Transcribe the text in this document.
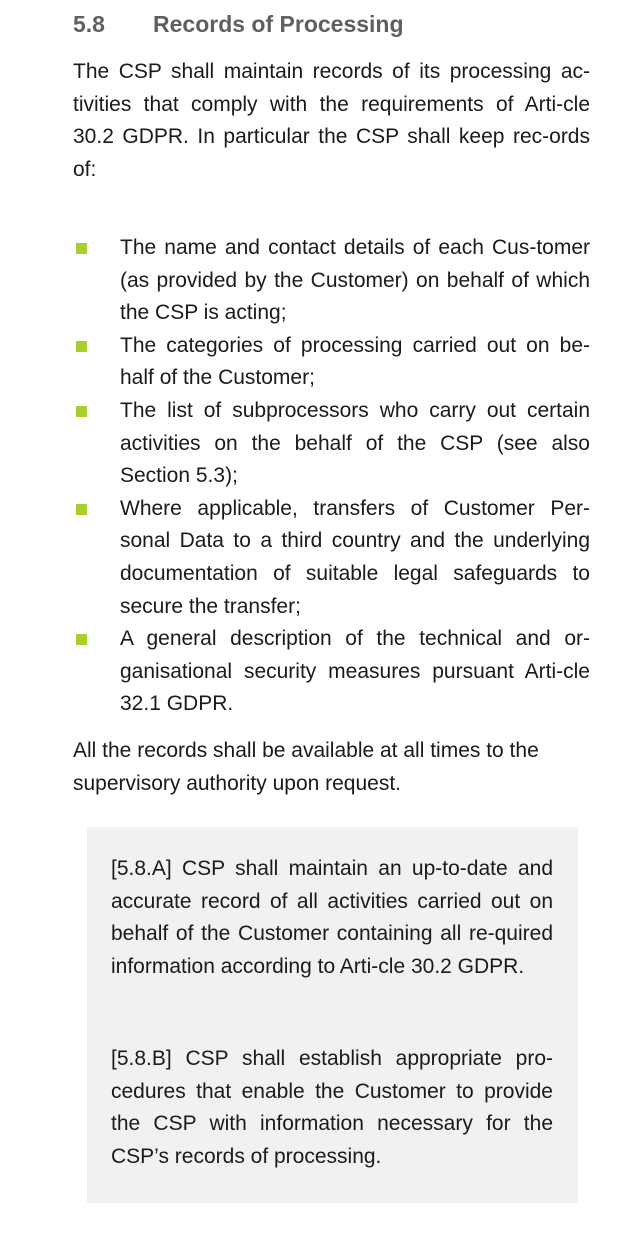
5.8 Records of Processing

The CSP shall maintain records of its processing ac-tivities that comply with the requirements of Arti-cle 30.2 GDPR. In particular the CSP shall keep rec-ords of:

The name and contact details of each Cus-tomer (as provided by the Customer) on behalf of which the CSP is acting;
The categories of processing carried out on be-half of the Customer;
The list of subprocessors who carry out certain activities on the behalf of the CSP (see also Section 5.3);
Where applicable, transfers of Customer Per-sonal Data to a third country and the underlying documentation of suitable legal safeguards to secure the transfer;
A general description of the technical and or-ganisational security measures pursuant Arti-cle 32.1 GDPR.

All the records shall be available at all times to the supervisory authority upon request.

[5.8.A] CSP shall maintain an up-to-date and accurate record of all activities carried out on behalf of the Customer containing all re-quired information according to Arti-cle 30.2 GDPR.

[5.8.B] CSP shall establish appropriate pro-cedures that enable the Customer to provide the CSP with information necessary for the CSP’s records of processing.
